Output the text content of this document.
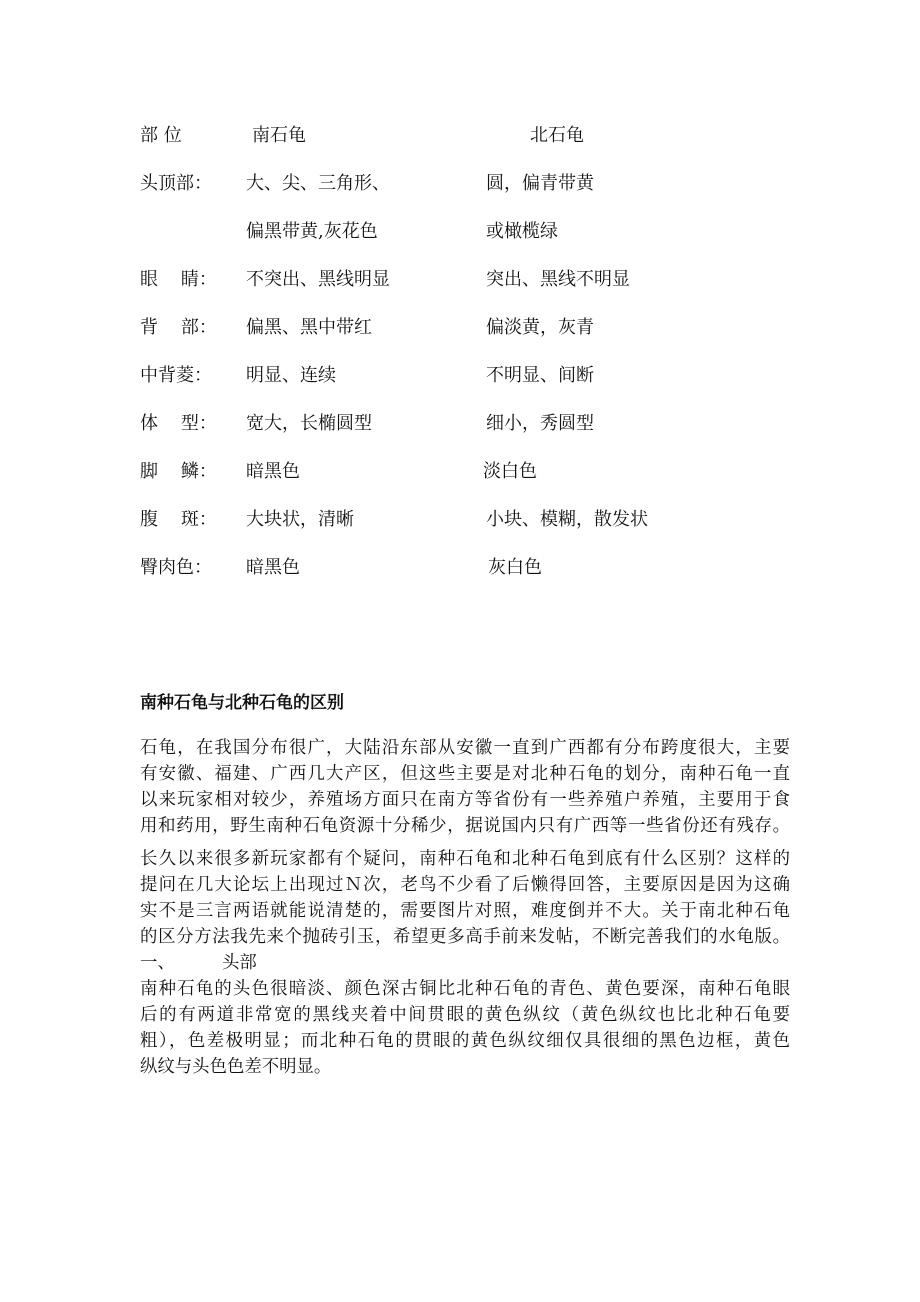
部 位	南石龟	北石龟
头顶部： 大、尖、三角形、	圆，偏青带黄
偏黑带黄,灰花色	或橄榄绿
眼    睛： 不突出、黑线明显	突出、黑线不明显
背    部： 偏黑、黑中带红	偏淡黄，灰青
中背菱： 明显、连续	不明显、间断
体    型： 宽大，长椭圆型	细小，秀圆型
脚    鳞： 暗黑色	淡白色
腹    斑： 大块状，清晰	小块、模糊，散发状
臀肉色： 暗黑色	灰白色
南种石龟与北种石龟的区别
石龟，在我国分布很广，大陆沿东部从安徽一直到广西都有分布跨度很大，主要
有安徽、福建、广西几大产区，但这些主要是对北种石龟的划分，南种石龟一直
以来玩家相对较少，养殖场方面只在南方等省份有一些养殖户养殖，主要用于食
用和药用，野生南种石龟资源十分稀少，据说国内只有广西等一些省份还有残存。
长久以来很多新玩家都有个疑问，南种石龟和北种石龟到底有什么区别？这样的
提问在几大论坛上出现过Ｎ次，老鸟不少看了后懒得回答，主要原因是因为这确
实不是三言两语就能说清楚的，需要图片对照，难度倒并不大。关于南北种石龟
的区分方法我先来个抛砖引玉，希望更多高手前来发帖，不断完善我们的水龟版。
一、	头部
南种石龟的头色很暗淡、颜色深古铜比北种石龟的青色、黄色要深，南种石龟眼
后的有两道非常宽的黑线夹着中间贯眼的黄色纵纹（黄色纵纹也比北种石龟要
粗），色差极明显；而北种石龟的贯眼的黄色纵纹细仅具很细的黑色边框，黄色
纵纹与头色色差不明显。
